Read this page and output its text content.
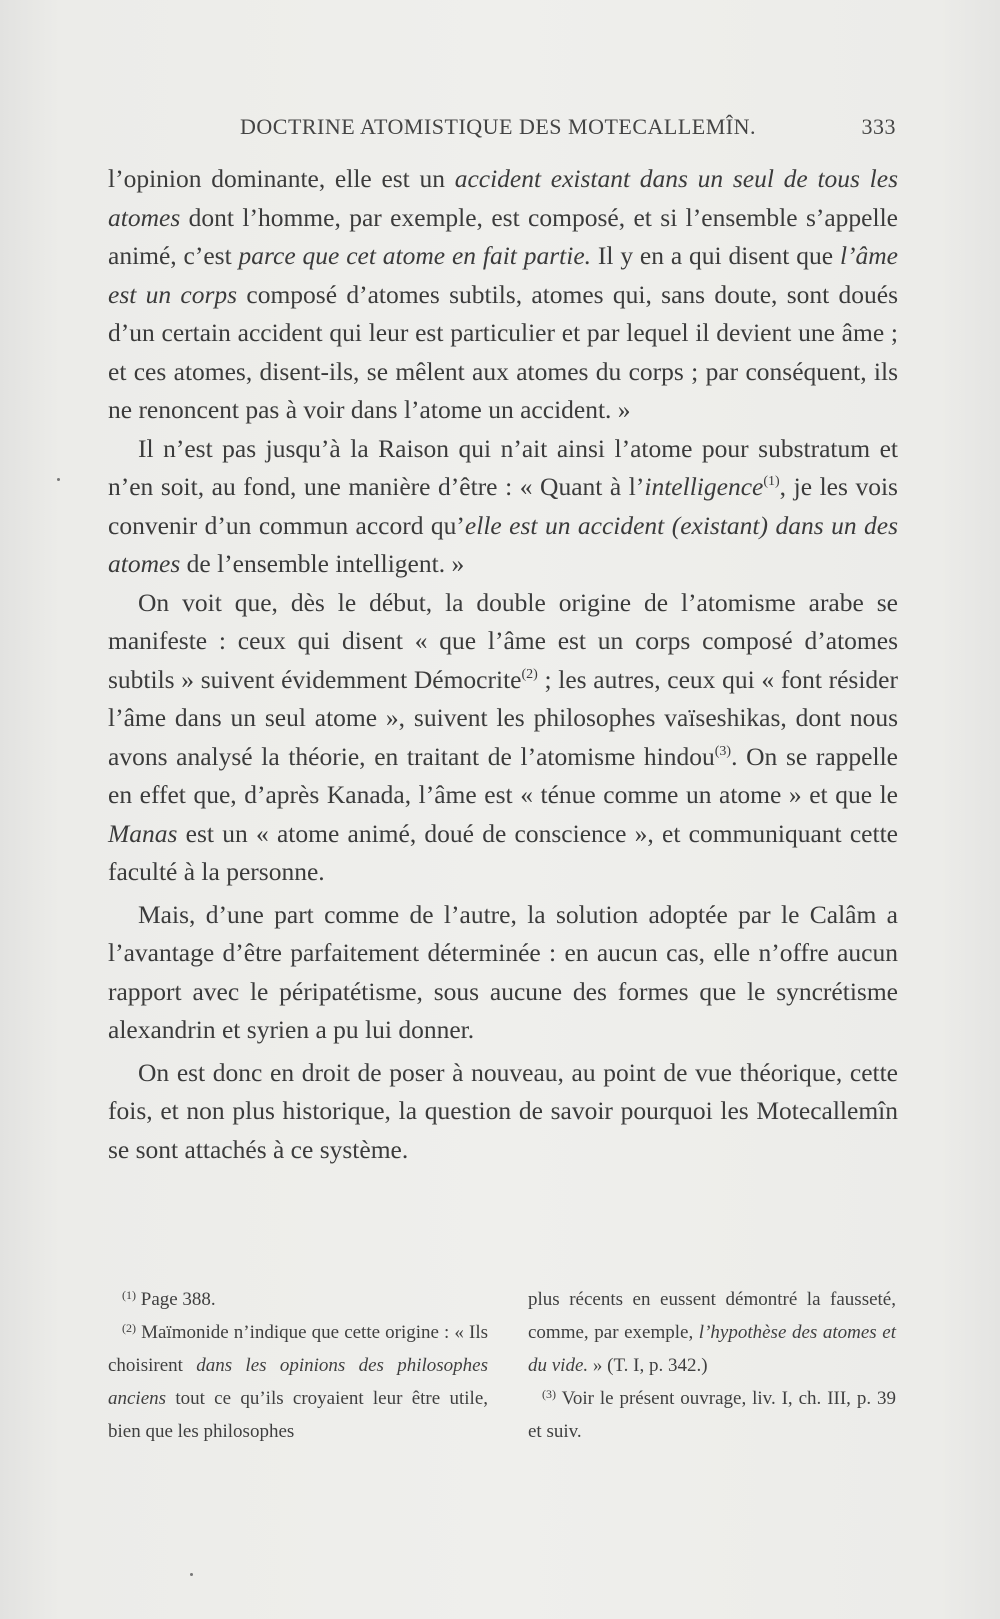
DOCTRINE ATOMISTIQUE DES MOTECALLEMÎN.	333

l’opinion dominante, elle est un accident existant dans un seul de tous les atomes dont l’homme, par exemple, est composé, et si l’ensemble s’appelle animé, c’est parce que cet atome en fait partie. Il y en a qui disent que l’âme est un corps composé d’atomes subtils, atomes qui, sans doute, sont doués d’un certain accident qui leur est particulier et par lequel il devient une âme ; et ces atomes, disent-ils, se mêlent aux atomes du corps ; par conséquent, ils ne renoncent pas à voir dans l’atome un accident. »

Il n’est pas jusqu’à la Raison qui n’ait ainsi l’atome pour substratum et n’en soit, au fond, une manière d’être : « Quant à l’intelligence$^{(1)}$, je les vois convenir d’un commun accord qu’elle est un accident (existant) dans un des atomes de l’ensemble intelligent. »

On voit que, dès le début, la double origine de l’atomisme arabe se manifeste : ceux qui disent « que l’âme est un corps composé d’atomes subtils » suivent évidemment Démocrite$^{(2)}$ ; les autres, ceux qui « font résider l’âme dans un seul atome », suivent les philosophes vaïseshikas, dont nous avons analysé la théorie, en traitant de l’atomisme hindou$^{(3)}$. On se rappelle en effet que, d’après Kanada, l’âme est « ténue comme un atome » et que le Manas est un « atome animé, doué de conscience », et communiquant cette faculté à la personne.

Mais, d’une part comme de l’autre, la solution adoptée par le Calâm a l’avantage d’être parfaitement déterminée : en aucun cas, elle n’offre aucun rapport avec le péripatétisme, sous aucune des formes que le syncrétisme alexandrin et syrien a pu lui donner.

On est donc en droit de poser à nouveau, au point de vue théorique, cette fois, et non plus historique, la question de savoir pourquoi les Motecallemîn se sont attachés à ce système.

$^{(1)}$ Page 388.

$^{(2)}$ Maïmonide n’indique que cette origine : « Ils choisirent dans les opinions des philosophes anciens tout ce qu’ils croyaient leur être utile, bien que les philosophes

plus récents en eussent démontré la fausseté, comme, par exemple, l’hypothèse des atomes et du vide. » (T. I, p. 342.)

$^{(3)}$ Voir le présent ouvrage, liv. I, ch. III, p. 39 et suiv.
